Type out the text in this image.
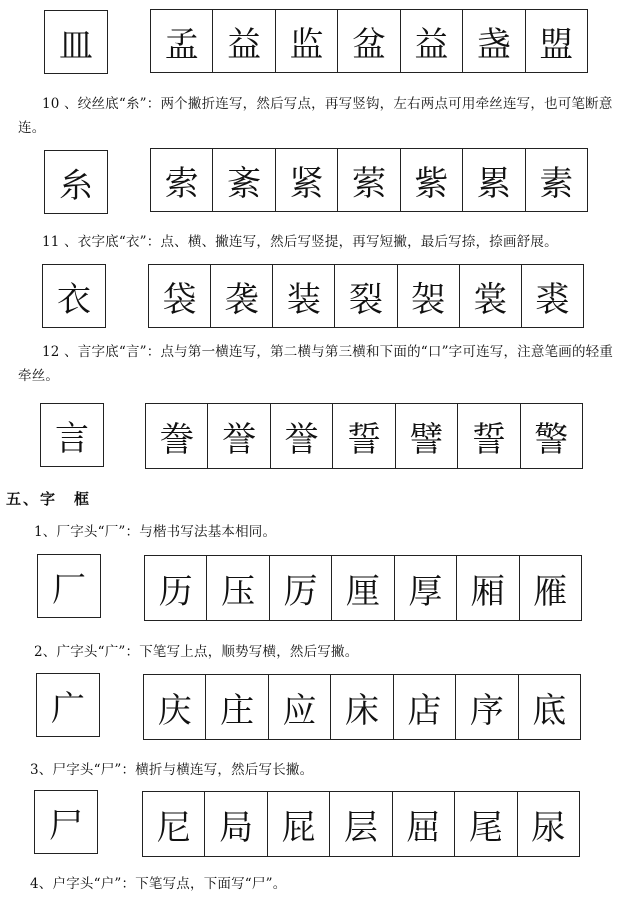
皿	孟 益 监 盆 益 盏 盟
10 、绞丝底“糸”：两个撇折连写，然后写点，再写竖钩，左右两点可用牵丝连写，也可笔断意连。
糸	索 紊 紧 萦 紫 累 素
11 、衣字底“衣”：点、横、撇连写，然后写竖提，再写短撇，最后写捺，捺画舒展。
衣	袋 袭 装 裂 袈 裳 裘
12 、言字底“言”：点与第一横连写，第二横与第三横和下面的“口”字可连写，注意笔画的轻重牵丝。
言	誊 誉 誉 誓 譬 誓 警
五、字　框
1、厂字头“厂”：与楷书写法基本相同。
厂	历 压 厉 厘 厚 厢 雁
2、广字头“广”：下笔写上点，顺势写横，然后写撇。
广	庆 庄 应 床 店 序 底
3、尸字头“尸”：横折与横连写，然后写长撇。
尸	尼 局 屁 层 屈 尾 尿
4、户字头“户”：下笔写点，下面写“尸”。
